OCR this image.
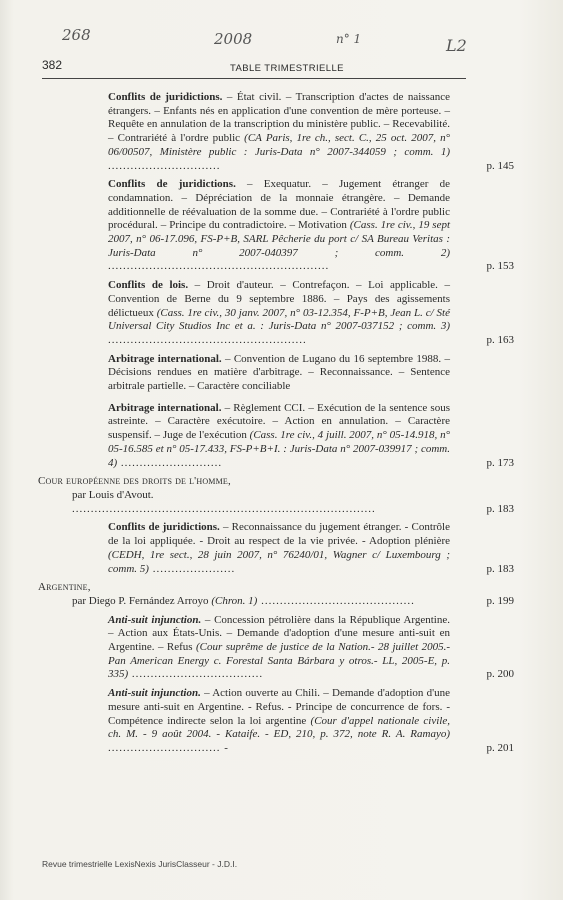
268	2008	n° 1	L2
382	TABLE TRIMESTRIELLE
Conflits de juridictions. – État civil. – Transcription d'actes de naissance étrangers. – Enfants nés en application d'une convention de mère porteuse. – Requête en annulation de la transcription du ministère public. – Recevabilité. – Contrariété à l'ordre public (CA Paris, 1re ch., sect. C., 25 oct. 2007, n° 06/00507, Ministère public : Juris-Data n° 2007-344059 ; comm. 1) ..............................	p. 145
Conflits de juridictions. – Exequatur. – Jugement étranger de condamnation. – Dépréciation de la monnaie étrangère. – Demande additionnelle de réévaluation de la somme due. – Contrariété à l'ordre public procédural. – Principe du contradictoire. – Motivation (Cass. 1re civ., 19 sept 2007, n° 06-17.096, FS-P+B, SARL Pêcherie du port c/ SA Bureau Veritas : Juris-Data n° 2007-040397 ; comm. 2) ...........................................................	p. 153
Conflits de lois. – Droit d'auteur. – Contrefaçon. – Loi applicable. – Convention de Berne du 9 septembre 1886. – Pays des agissements délictueux (Cass. 1re civ., 30 janv. 2007, n° 03-12.354, F-P+B, Jean L. c/ Sté Universal City Studios Inc et a. : Juris-Data n° 2007-037152 ; comm. 3) .....................................................	p. 163
Arbitrage international. – Convention de Lugano du 16 septembre 1988. – Décisions rendues en matière d'arbitrage. – Reconnaissance. – Sentence arbitrale partielle. – Caractère conciliable
Arbitrage international. – Règlement CCI. – Exécution de la sentence sous astreinte. – Caractère exécutoire. – Action en annulation. – Caractère suspensif. – Juge de l'exécution (Cass. 1re civ., 4 juill. 2007, n° 05-14.918, n° 05-16.585 et n° 05-17.433, FS-P+B+I. : Juris-Data n° 2007-039917 ; comm. 4) ...........................	p. 173
Cour européenne des droits de l'homme,
par Louis d'Avout. .................................................................................	p. 183
Conflits de juridictions. – Reconnaissance du jugement étranger. - Contrôle de la loi appliquée. - Droit au respect de la vie privée. - Adoption plénière (CEDH, 1re sect., 28 juin 2007, n° 76240/01, Wagner c/ Luxembourg ; comm. 5) ......................	p. 183
Argentine,
par Diego P. Fernández Arroyo (Chron. 1) .........................................	p. 199
Anti-suit injunction. – Concession pétrolière dans la République Argentine. – Action aux États-Unis. – Demande d'adoption d'une mesure anti-suit en Argentine. – Refus (Cour suprême de justice de la Nation.- 28 juillet 2005.- Pan American Energy c. Forestal Santa Bárbara y otros.- LL, 2005-E, p. 335) ...................................	p. 200
Anti-suit injunction. – Action ouverte au Chili. – Demande d'adoption d'une mesure anti-suit en Argentine. - Refus. - Principe de concurrence de fors. - Compétence indirecte selon la loi argentine (Cour d'appel nationale civile, ch. M. - 9 août 2004. - Kataife. - ED, 210, p. 372, note R. A. Ramayo) .............................. -	p. 201
Revue trimestrielle LexisNexis JurisClasseur - J.D.I.
